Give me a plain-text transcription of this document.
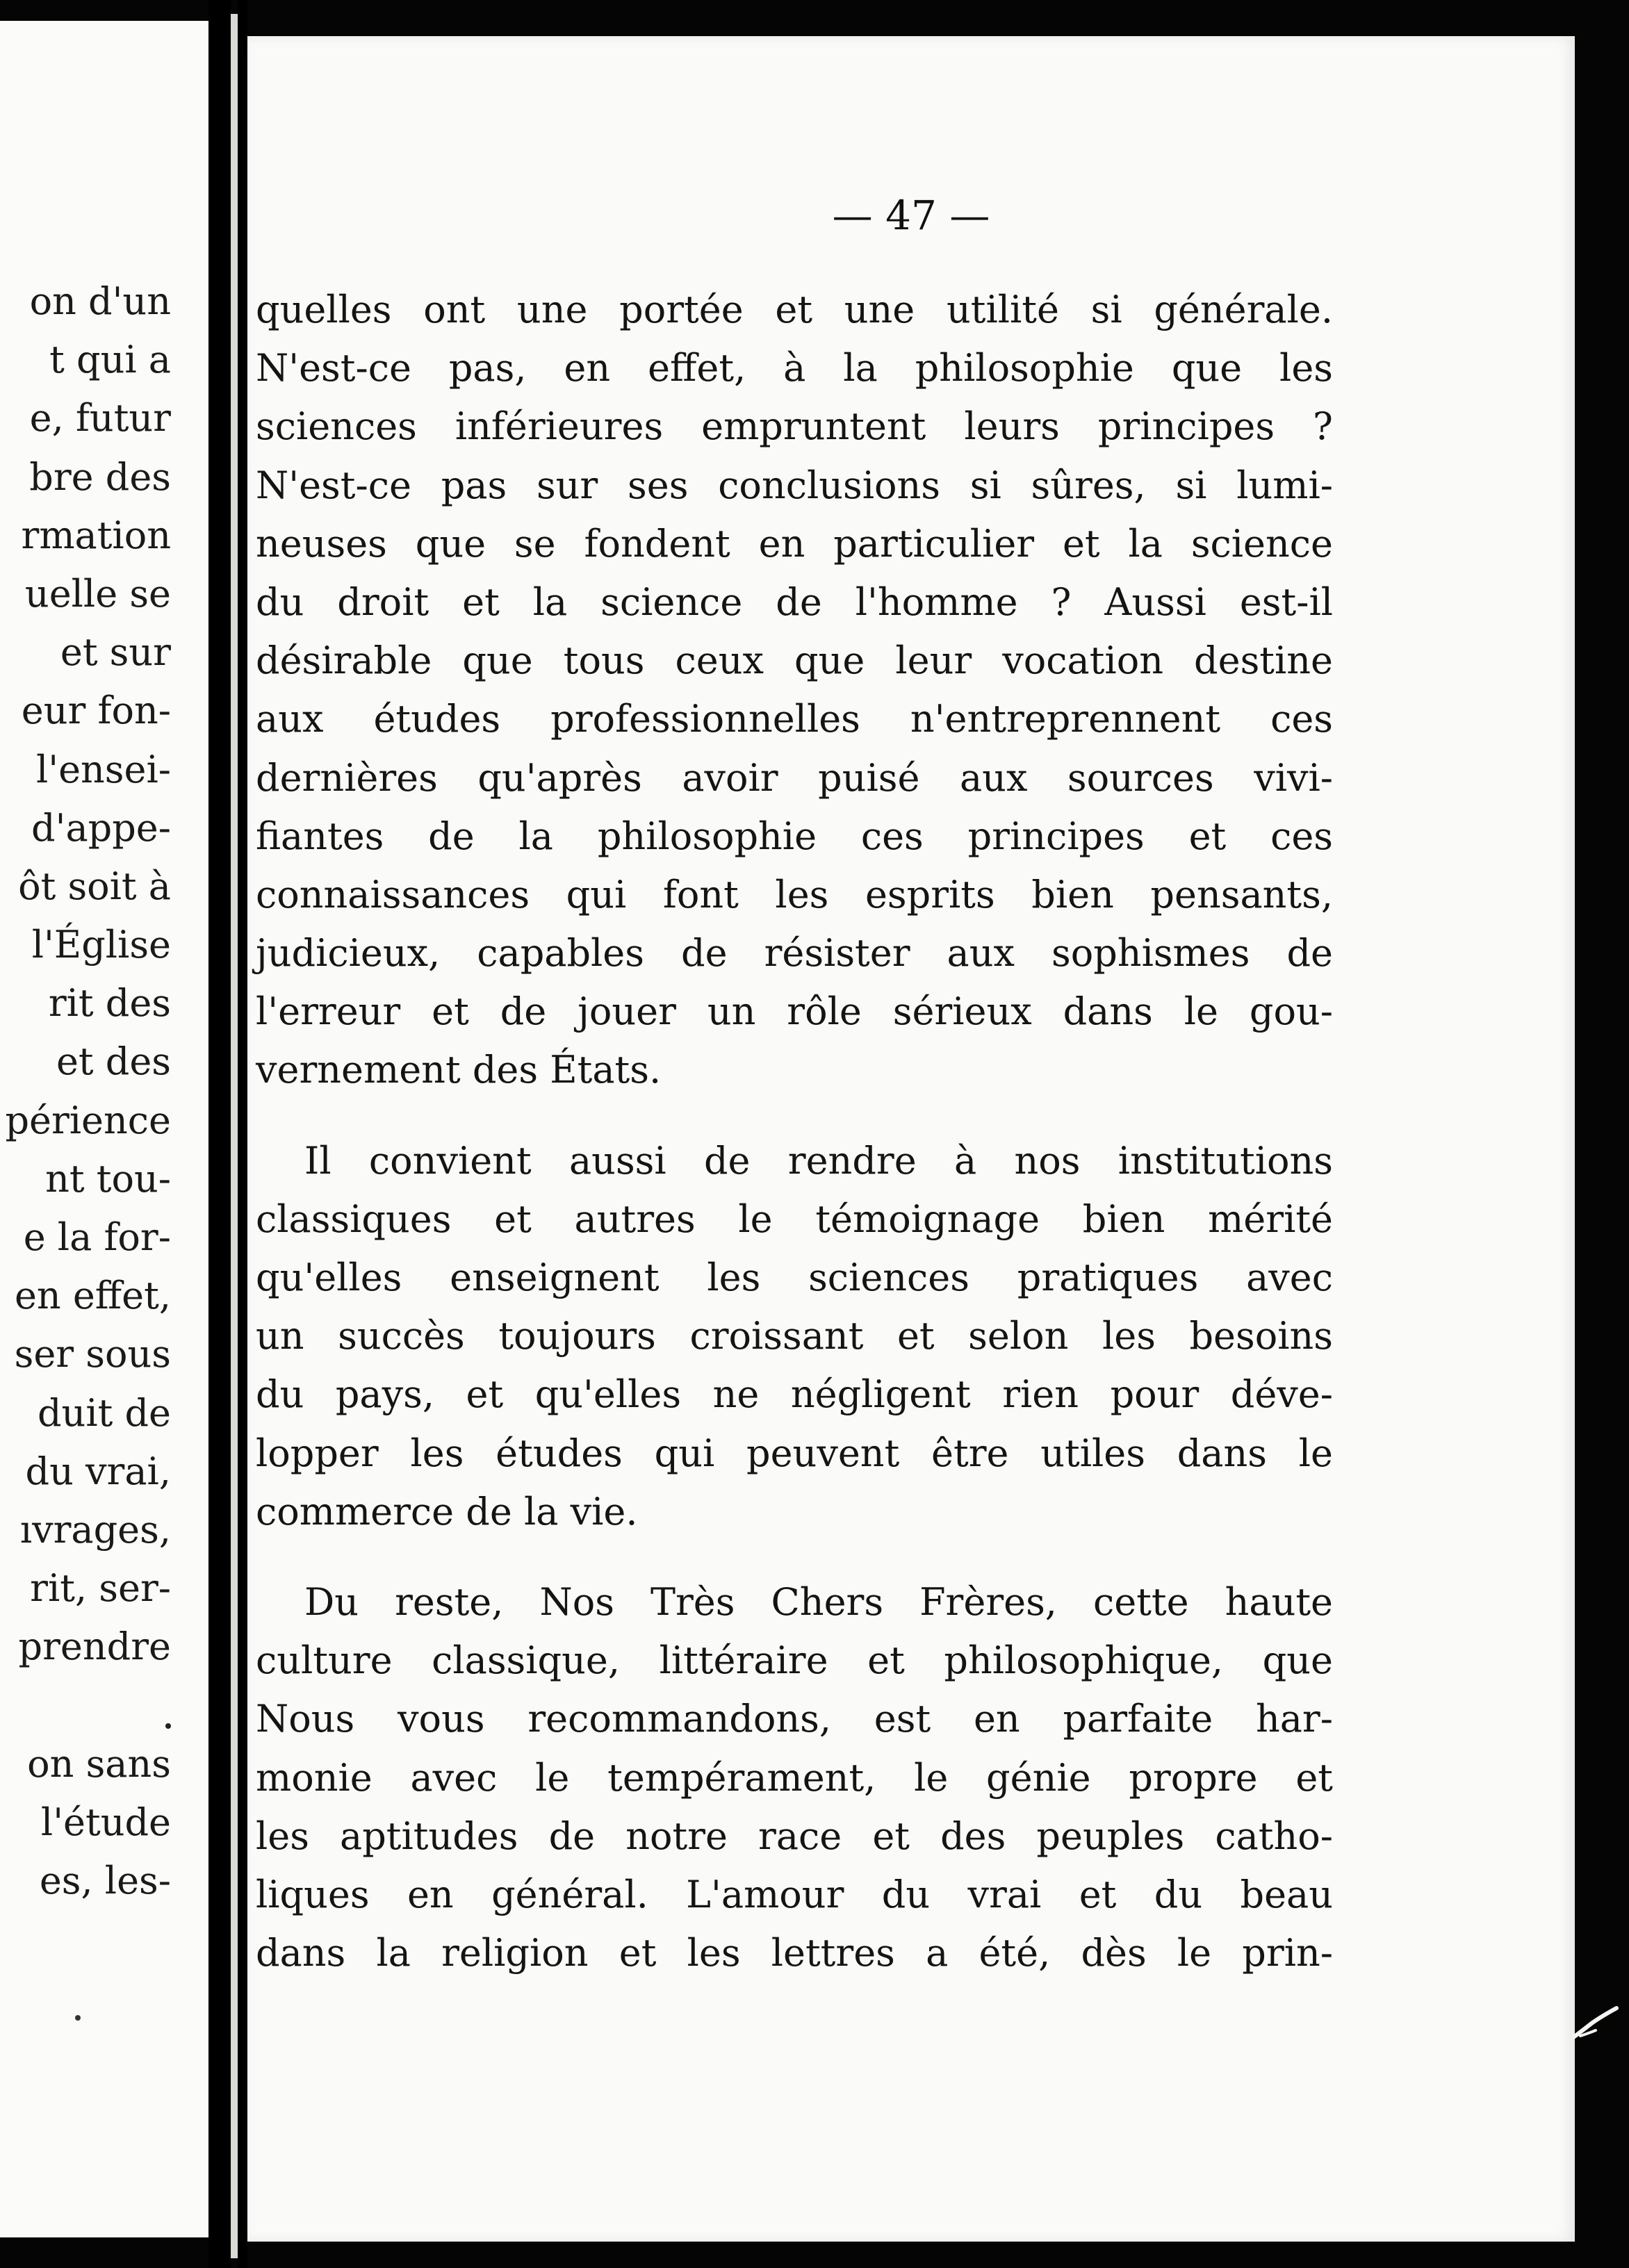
on d'un
t qui a
e, futur
bre des
rmation
uelle se
et sur
eur fon-
l'ensei-
d'appe-
ôt soit à
l'Église
rit des
et des
périence
nt tou-
e la for-
en effet,
ser sous
duit de
du vrai,
ıvrages,
rit, ser-
prendre
on sans
l'étude
es, les-
— 47 —
quelles ont une portée et une utilité si générale.
N'est-ce pas, en effet, à la philosophie que les
sciences inférieures empruntent leurs principes ?
N'est-ce pas sur ses conclusions si sûres, si lumi-
neuses que se fondent en particulier et la science
du droit et la science de l'homme ? Aussi est-il
désirable que tous ceux que leur vocation destine
aux études professionnelles n'entreprennent ces
dernières qu'après avoir puisé aux sources vivi-
fiantes de la philosophie ces principes et ces
connaissances qui font les esprits bien pensants,
judicieux, capables de résister aux sophismes de
l'erreur et de jouer un rôle sérieux dans le gou-
vernement des États.
Il convient aussi de rendre à nos institutions
classiques et autres le témoignage bien mérité
qu'elles enseignent les sciences pratiques avec
un succès toujours croissant et selon les besoins
du pays, et qu'elles ne négligent rien pour déve-
lopper les études qui peuvent être utiles dans le
commerce de la vie.
Du reste, Nos Très Chers Frères, cette haute
culture classique, littéraire et philosophique, que
Nous vous recommandons, est en parfaite har-
monie avec le tempérament, le génie propre et
les aptitudes de notre race et des peuples catho-
liques en général. L'amour du vrai et du beau
dans la religion et les lettres a été, dès le prin-
